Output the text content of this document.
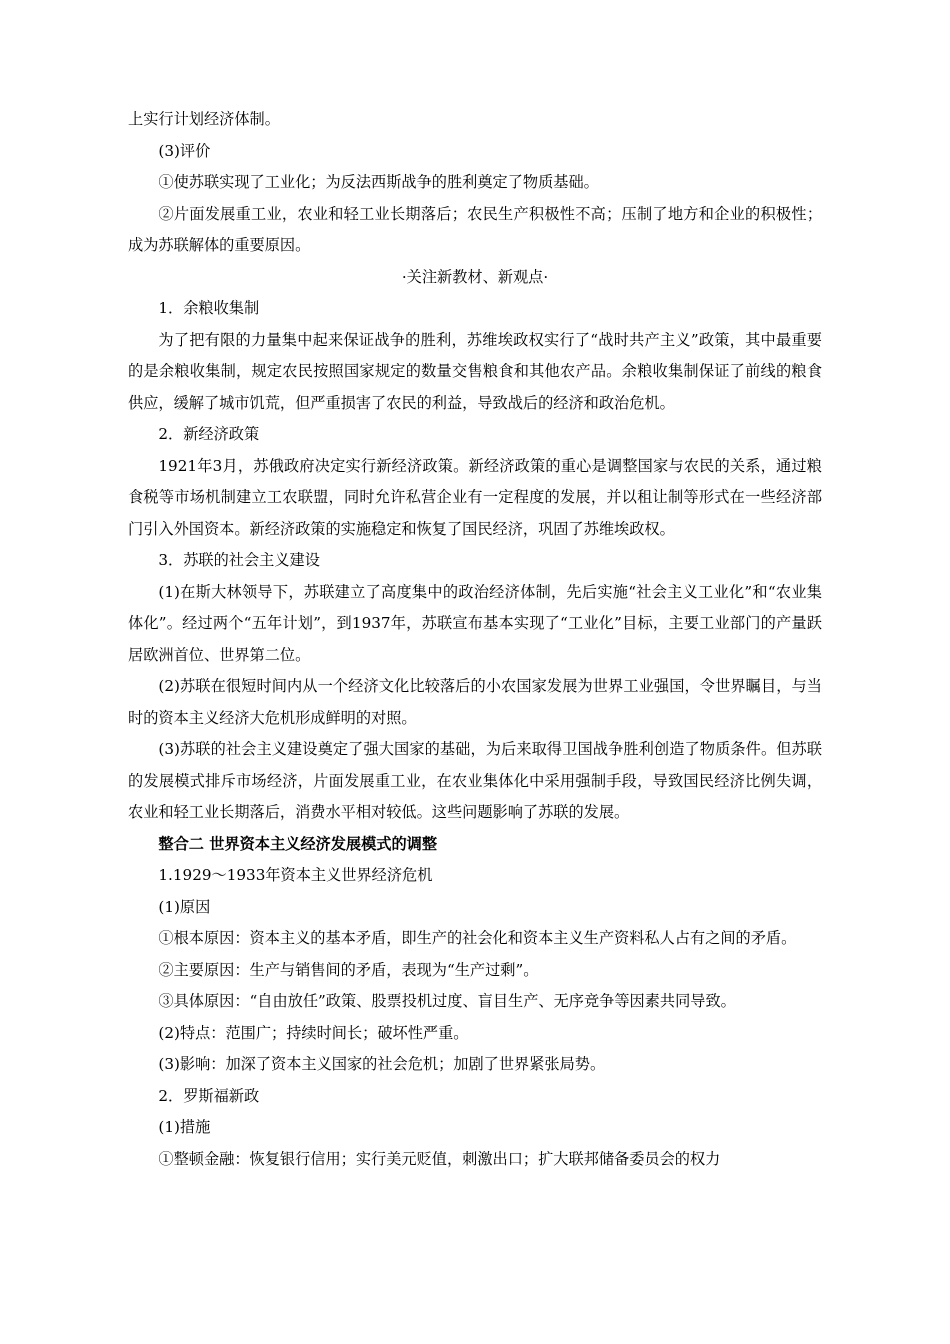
上实行计划经济体制。

(3)评价

①使苏联实现了工业化；为反法西斯战争的胜利奠定了物质基础。

②片面发展重工业，农业和轻工业长期落后；农民生产积极性不高；压制了地方和企业的积极性；成为苏联解体的重要原因。

·关注新教材、新观点·

1．余粮收集制

为了把有限的力量集中起来保证战争的胜利，苏维埃政权实行了“战时共产主义”政策，其中最重要的是余粮收集制，规定农民按照国家规定的数量交售粮食和其他农产品。余粮收集制保证了前线的粮食供应，缓解了城市饥荒，但严重损害了农民的利益，导致战后的经济和政治危机。

2．新经济政策

1921年3月，苏俄政府决定实行新经济政策。新经济政策的重心是调整国家与农民的关系，通过粮食税等市场机制建立工农联盟，同时允许私营企业有一定程度的发展，并以租让制等形式在一些经济部门引入外国资本。新经济政策的实施稳定和恢复了国民经济，巩固了苏维埃政权。

3．苏联的社会主义建设

(1)在斯大林领导下，苏联建立了高度集中的政治经济体制，先后实施“社会主义工业化”和“农业集体化”。经过两个“五年计划”，到1937年，苏联宣布基本实现了“工业化”目标，主要工业部门的产量跃居欧洲首位、世界第二位。

(2)苏联在很短时间内从一个经济文化比较落后的小农国家发展为世界工业强国，令世界瞩目，与当时的资本主义经济大危机形成鲜明的对照。

(3)苏联的社会主义建设奠定了强大国家的基础，为后来取得卫国战争胜利创造了物质条件。但苏联的发展模式排斥市场经济，片面发展重工业，在农业集体化中采用强制手段，导致国民经济比例失调，农业和轻工业长期落后，消费水平相对较低。这些问题影响了苏联的发展。

整合二 世界资本主义经济发展模式的调整

1.1929～1933年资本主义世界经济危机

(1)原因

①根本原因：资本主义的基本矛盾，即生产的社会化和资本主义生产资料私人占有之间的矛盾。

②主要原因：生产与销售间的矛盾，表现为“生产过剩”。

③具体原因：“自由放任”政策、股票投机过度、盲目生产、无序竞争等因素共同导致。

(2)特点：范围广；持续时间长；破坏性严重。

(3)影响：加深了资本主义国家的社会危机；加剧了世界紧张局势。

2．罗斯福新政

(1)措施

①整顿金融：恢复银行信用；实行美元贬值，刺激出口；扩大联邦储备委员会的权力
